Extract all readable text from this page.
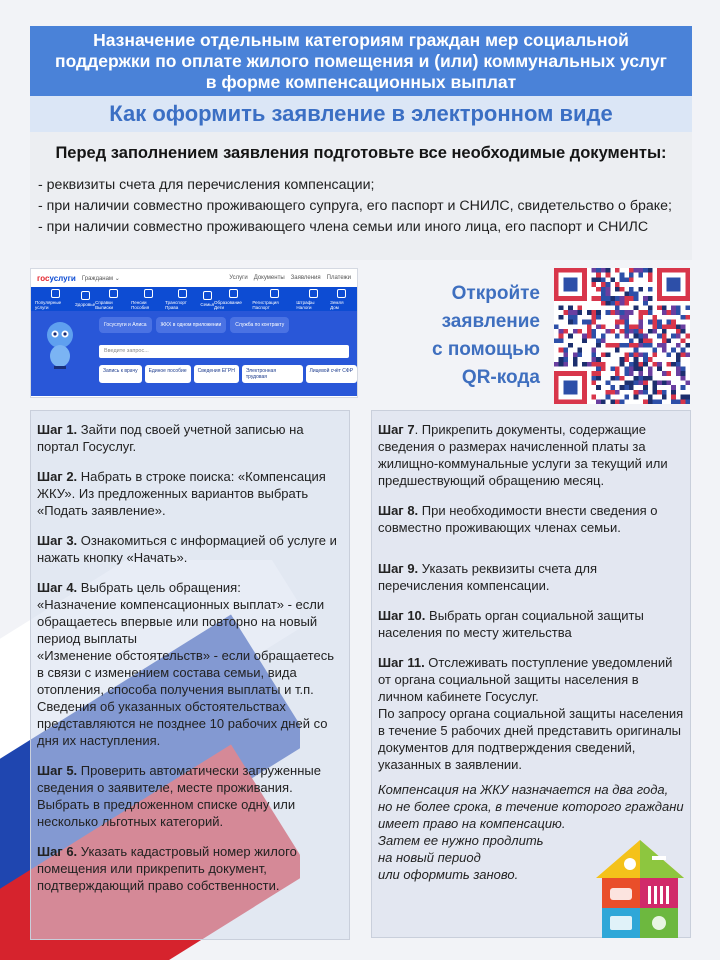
Назначение отдельным категориям граждан мер социальной
поддержки по оплате жилого помещения и (или) коммунальных услуг
в форме компенсационных выплат
Как оформить заявление в электронном виде
Перед заполнением заявления подготовьте все необходимые документы:
- реквизиты счета для перечисления компенсации;
- при наличии совместно проживающего супруга, его паспорт и СНИЛС, свидетельство о браке;
- при наличии совместно проживающего члена семьи или иного лица, его паспорт и СНИЛС
госуслуги Гражданам ⌄	Услуги Документы Заявления Платежи
Популярные услуги	Здоровье Справки Выписки
Пенсии Пособия
Транспорт Права	Семья Образование Дети
Регистрация Паспорт
Штрафы Налоги
Земля Дом
Госуслуги и Алиса	ЖКХ в одном приложении	Служба по контракту
Введите запрос...
Запись к врачу	Единое пособие	Сведения ЕГРН	Электронная трудовая
Лицевой счёт СФР
Откройте
заявление
с помощью
QR-кода
Шаг 1. Зайти под своей учетной записью на портал Госуслуг.
Шаг 2. Набрать в строке поиска: «Компенсация ЖКУ». Из предложенных вариантов выбрать «Подать заявление».
Шаг 3. Ознакомиться с информацией об услуге и нажать кнопку «Начать».
Шаг 4. Выбрать цель обращения:
«Назначение компенсационных выплат» - если обращаетесь впервые или повторно на новый период выплаты
«Изменение обстоятельств» - если обращаетесь в связи с изменением состава семьи, вида отопления, способа получения выплаты и т.п. Сведения об указанных обстоятельствах представляются не позднее 10 рабочих дней со дня их наступления.
Шаг 5. Проверить автоматически загруженные сведения о заявителе, месте проживания. Выбрать в предложенном списке одну или несколько льготных категорий.
Шаг 6. Указать кадастровый номер жилого помещения или прикрепить документ, подтверждающий право собственности.
Шаг 7. Прикрепить документы, содержащие сведения о размерах начисленной платы за жилищно-коммунальные услуги за текущий или предшествующий обращению месяц.
Шаг 8. При необходимости внести сведения о совместно проживающих членах семьи.
Шаг 9. Указать реквизиты счета для перечисления компенсации.
Шаг 10. Выбрать орган социальной защиты населения по месту жительства
Шаг 11. Отслеживать поступление уведомлений от органа социальной защиты населения в личном кабинете Госуслуг.
По запросу органа социальной защиты населения в течение 5 рабочих дней представить оригиналы документов для подтверждения сведений, указанных в заявлении.
Компенсация на ЖКУ назначается на два года,
но не более срока, в течение которого граждани
имеет право на компенсацию.
Затем ее нужно продлить
на новый период
или оформить заново.
